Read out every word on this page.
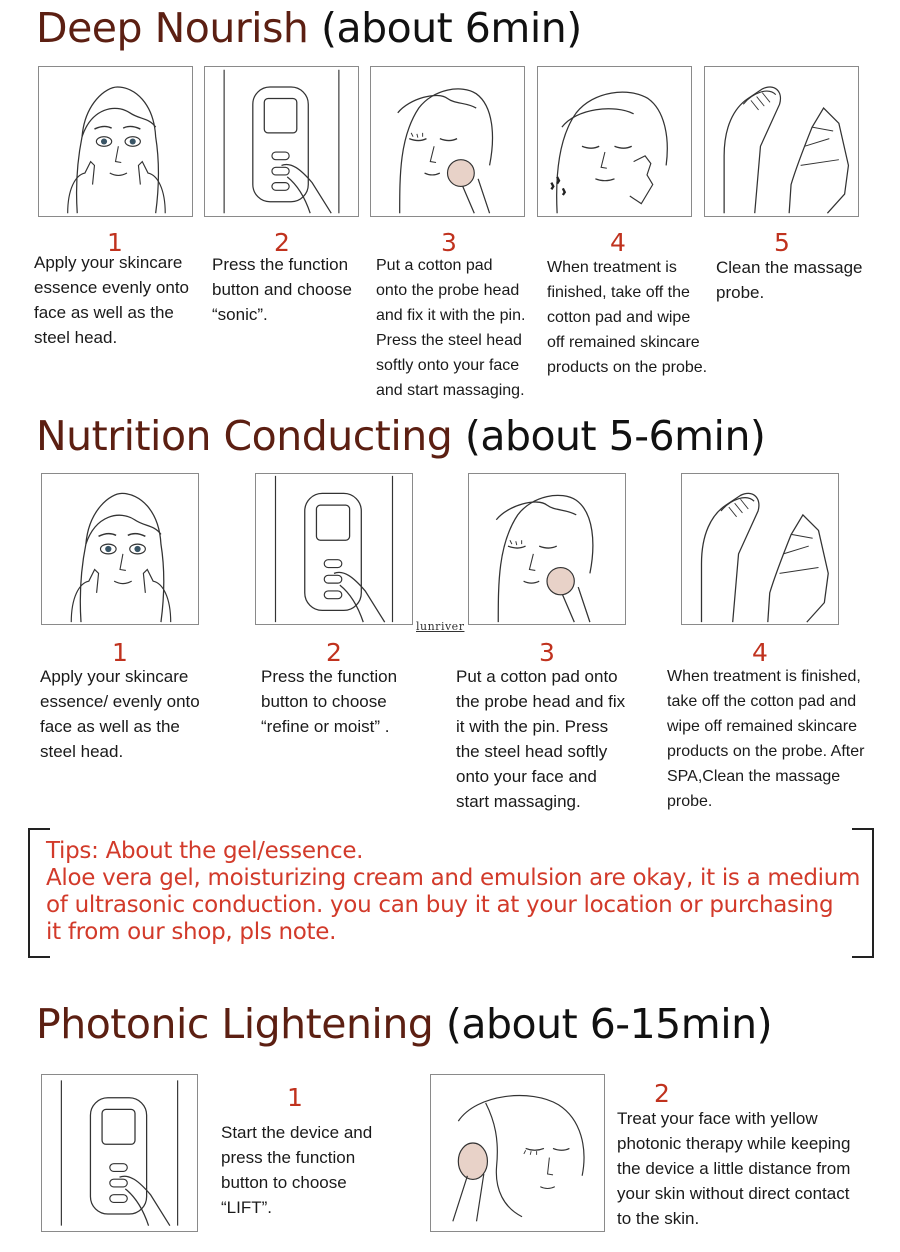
Deep Nourish (about 6min)
1	2	3	4	5
Apply your skincare
essence evenly onto
face as well as the
steel head.
Press the function
button and choose
“sonic”.
Put a cotton pad
onto the probe head
and fix it with the pin.
Press the steel head
softly onto your face
and start massaging.
When treatment is
finished, take off the
cotton pad and wipe
off remained skincare
products on the probe.
Clean the massage
probe.
Nutrition Conducting (about 5-6min)
lunriver
1	2	3	4
Apply your skincare
essence/ evenly onto
face as well as the
steel head.
Press the function
button to choose
“refine or moist” .
Put a cotton pad onto
the probe head and fix
it with the pin. Press
the steel head softly
onto your face and
start massaging.
When treatment is finished,
take off the cotton pad and
wipe off remained skincare
products on the probe. After
SPA,Clean the massage
probe.
Tips: About the gel/essence.
Aloe vera gel, moisturizing cream and emulsion are okay, it is a medium
of ultrasonic conduction. you can buy it at your location or purchasing
it from our shop, pls note.
Photonic Lightening (about 6-15min)
1	2
Start the device and
press the function
button to choose
“LIFT”.
Treat your face with yellow
photonic therapy while keeping
the device a little distance from
your skin without direct contact
to the skin.
